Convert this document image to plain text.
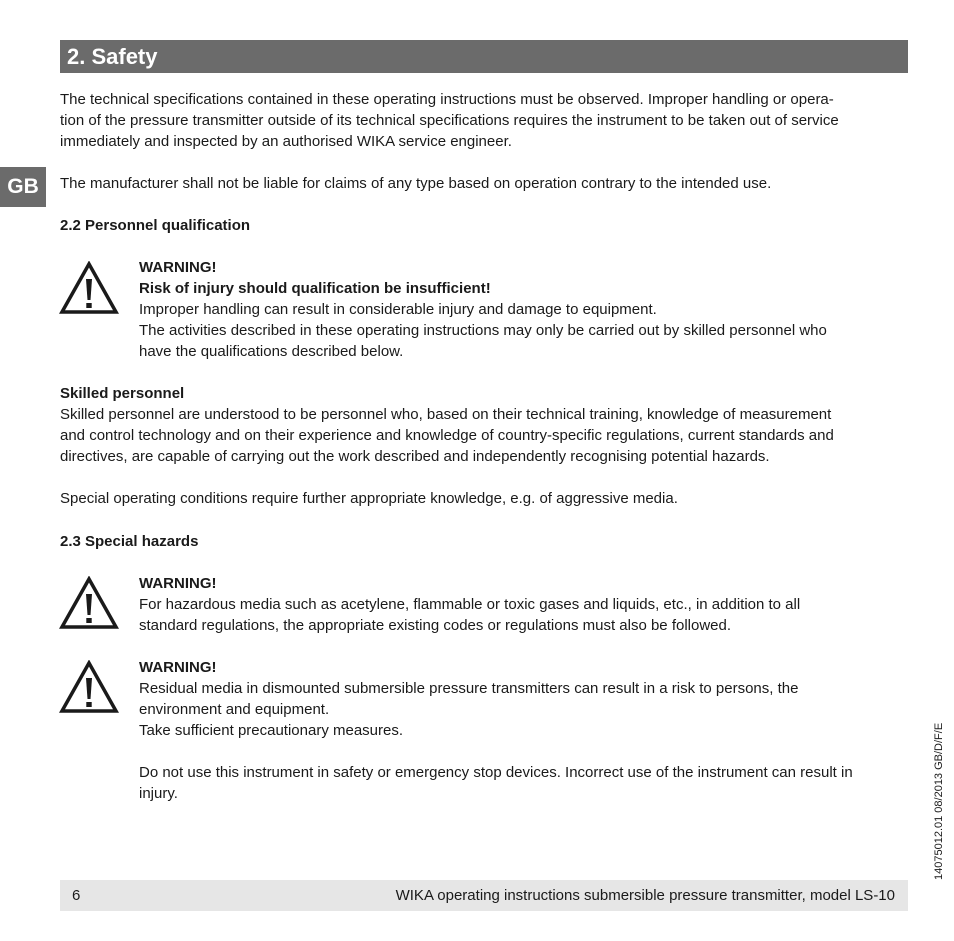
2. Safety
GB

The technical specifications contained in these operating instructions must be observed. Improper handling or opera-

tion of the pressure transmitter outside of its technical specifications requires the instrument to be taken out of service

immediately and inspected by an authorised WIKA service engineer.

The manufacturer shall not be liable for claims of any type based on operation contrary to the intended use.

2.2 Personnel qualification

WARNING!

Risk of injury should qualification be insufficient!

Improper handling can result in considerable injury and damage to equipment.

The activities described in these operating instructions may only be carried out by skilled personnel who

have the qualifications described below.

Skilled personnel

Skilled personnel are understood to be personnel who, based on their technical training, knowledge of measurement

and control technology and on their experience and knowledge of country-specific regulations, current standards and

directives, are capable of carrying out the work described and independently recognising potential hazards.

Special operating conditions require further appropriate knowledge, e.g. of aggressive media.

2.3 Special hazards

WARNING!

For hazardous media such as acetylene, flammable or toxic gases and liquids, etc., in addition to all

standard regulations, the appropriate existing codes or regulations must also be followed.

WARNING!

Residual media in dismounted submersible pressure transmitters can result in a risk to persons, the

environment and equipment.

Take sufficient precautionary measures.

Do not use this instrument in safety or emergency stop devices. Incorrect use of the instrument can result in

injury.

6	WIKA operating instructions submersible pressure transmitter, model LS-10
14075012.01 08/2013 GB/D/F/E
